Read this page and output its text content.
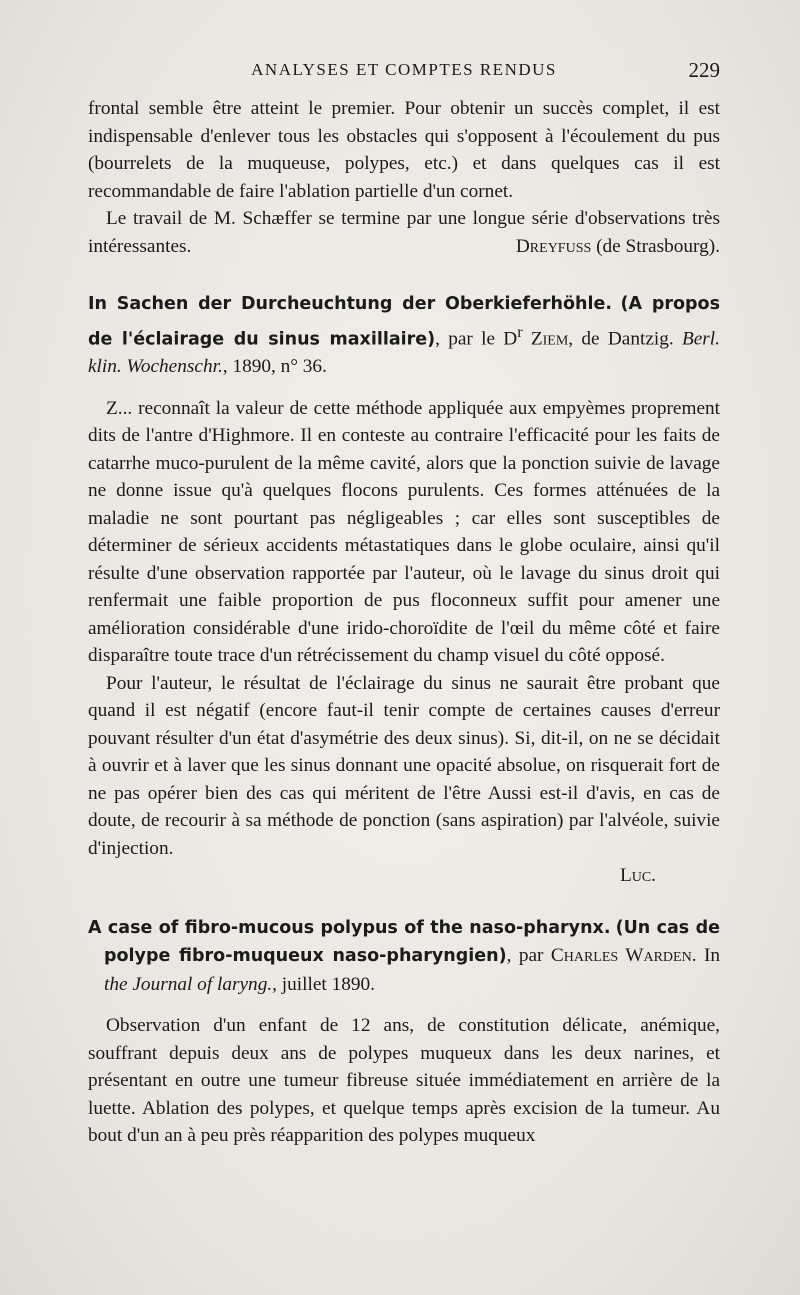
ANALYSES ET COMPTES RENDUS	229

frontal semble être atteint le premier. Pour obtenir un succès complet, il est indispensable d'enlever tous les obstacles qui s'opposent à l'écoulement du pus (bourrelets de la muqueuse, polypes, etc.) et dans quelques cas il est recommandable de faire l'ablation partielle d'un cornet.

Le travail de M. Schæffer se termine par une longue série d'observations très intéressantes.	Dreyfuss (de Strasbourg).

In Sachen der Durcheuchtung der Oberkieferhöhle. (A propos de l'éclairage du sinus maxillaire), par le $D^r$ Ziem, de Dantzig. Berl. klin. Wochenschr., 1890, n° 36.

Z... reconnaît la valeur de cette méthode appliquée aux empyèmes proprement dits de l'antre d'Highmore. Il en conteste au contraire l'efficacité pour les faits de catarrhe muco-purulent de la même cavité, alors que la ponction suivie de lavage ne donne issue qu'à quelques flocons purulents. Ces formes atténuées de la maladie ne sont pourtant pas négligeables ; car elles sont susceptibles de déterminer de sérieux accidents métastatiques dans le globe oculaire, ainsi qu'il résulte d'une observation rapportée par l'auteur, où le lavage du sinus droit qui renfermait une faible proportion de pus floconneux suffit pour amener une amélioration considérable d'une irido-choroïdite de l'œil du même côté et faire disparaître toute trace d'un rétrécissement du champ visuel du côté opposé.

Pour l'auteur, le résultat de l'éclairage du sinus ne saurait être probant que quand il est négatif (encore faut-il tenir compte de certaines causes d'erreur pouvant résulter d'un état d'asymétrie des deux sinus). Si, dit-il, on ne se décidait à ouvrir et à laver que les sinus donnant une opacité absolue, on risquerait fort de ne pas opérer bien des cas qui méritent de l'être Aussi est-il d'avis, en cas de doute, de recourir à sa méthode de ponction (sans aspiration) par l'alvéole, suivie d'injection.

Luc.

A case of fibro-mucous polypus of the naso-pharynx. (Un cas de polype fibro-muqueux naso-pharyngien), par Charles Warden. In the Journal of laryng., juillet 1890.

Observation d'un enfant de 12 ans, de constitution délicate, anémique, souffrant depuis deux ans de polypes muqueux dans les deux narines, et présentant en outre une tumeur fibreuse située immédiatement en arrière de la luette. Ablation des polypes, et quelque temps après excision de la tumeur. Au bout d'un an à peu près réapparition des polypes muqueux
